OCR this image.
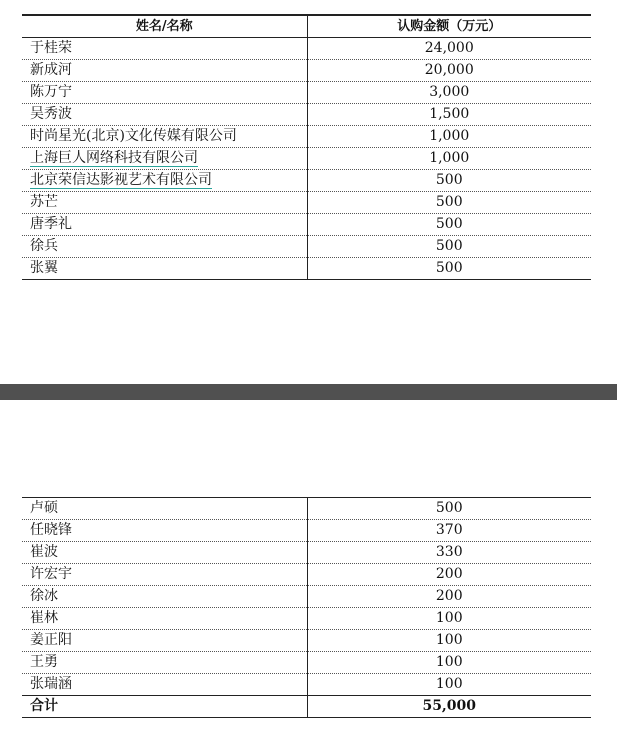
姓名/名称	认购金额（万元）
于桂荣	24,000
新成河	20,000
陈万宁	3,000
吴秀波	1,500
时尚星光(北京)文化传媒有限公司	1,000
上海巨人网络科技有限公司	1,000
北京荣信达影视艺术有限公司	500
苏芒	500
唐季礼	500
徐兵	500
张翼	500
卢硕	500
任晓锋	370
崔波	330
许宏宇	200
徐冰	200
崔林	100
姜正阳	100
王勇	100
张瑞涵	100
合计	55,000
